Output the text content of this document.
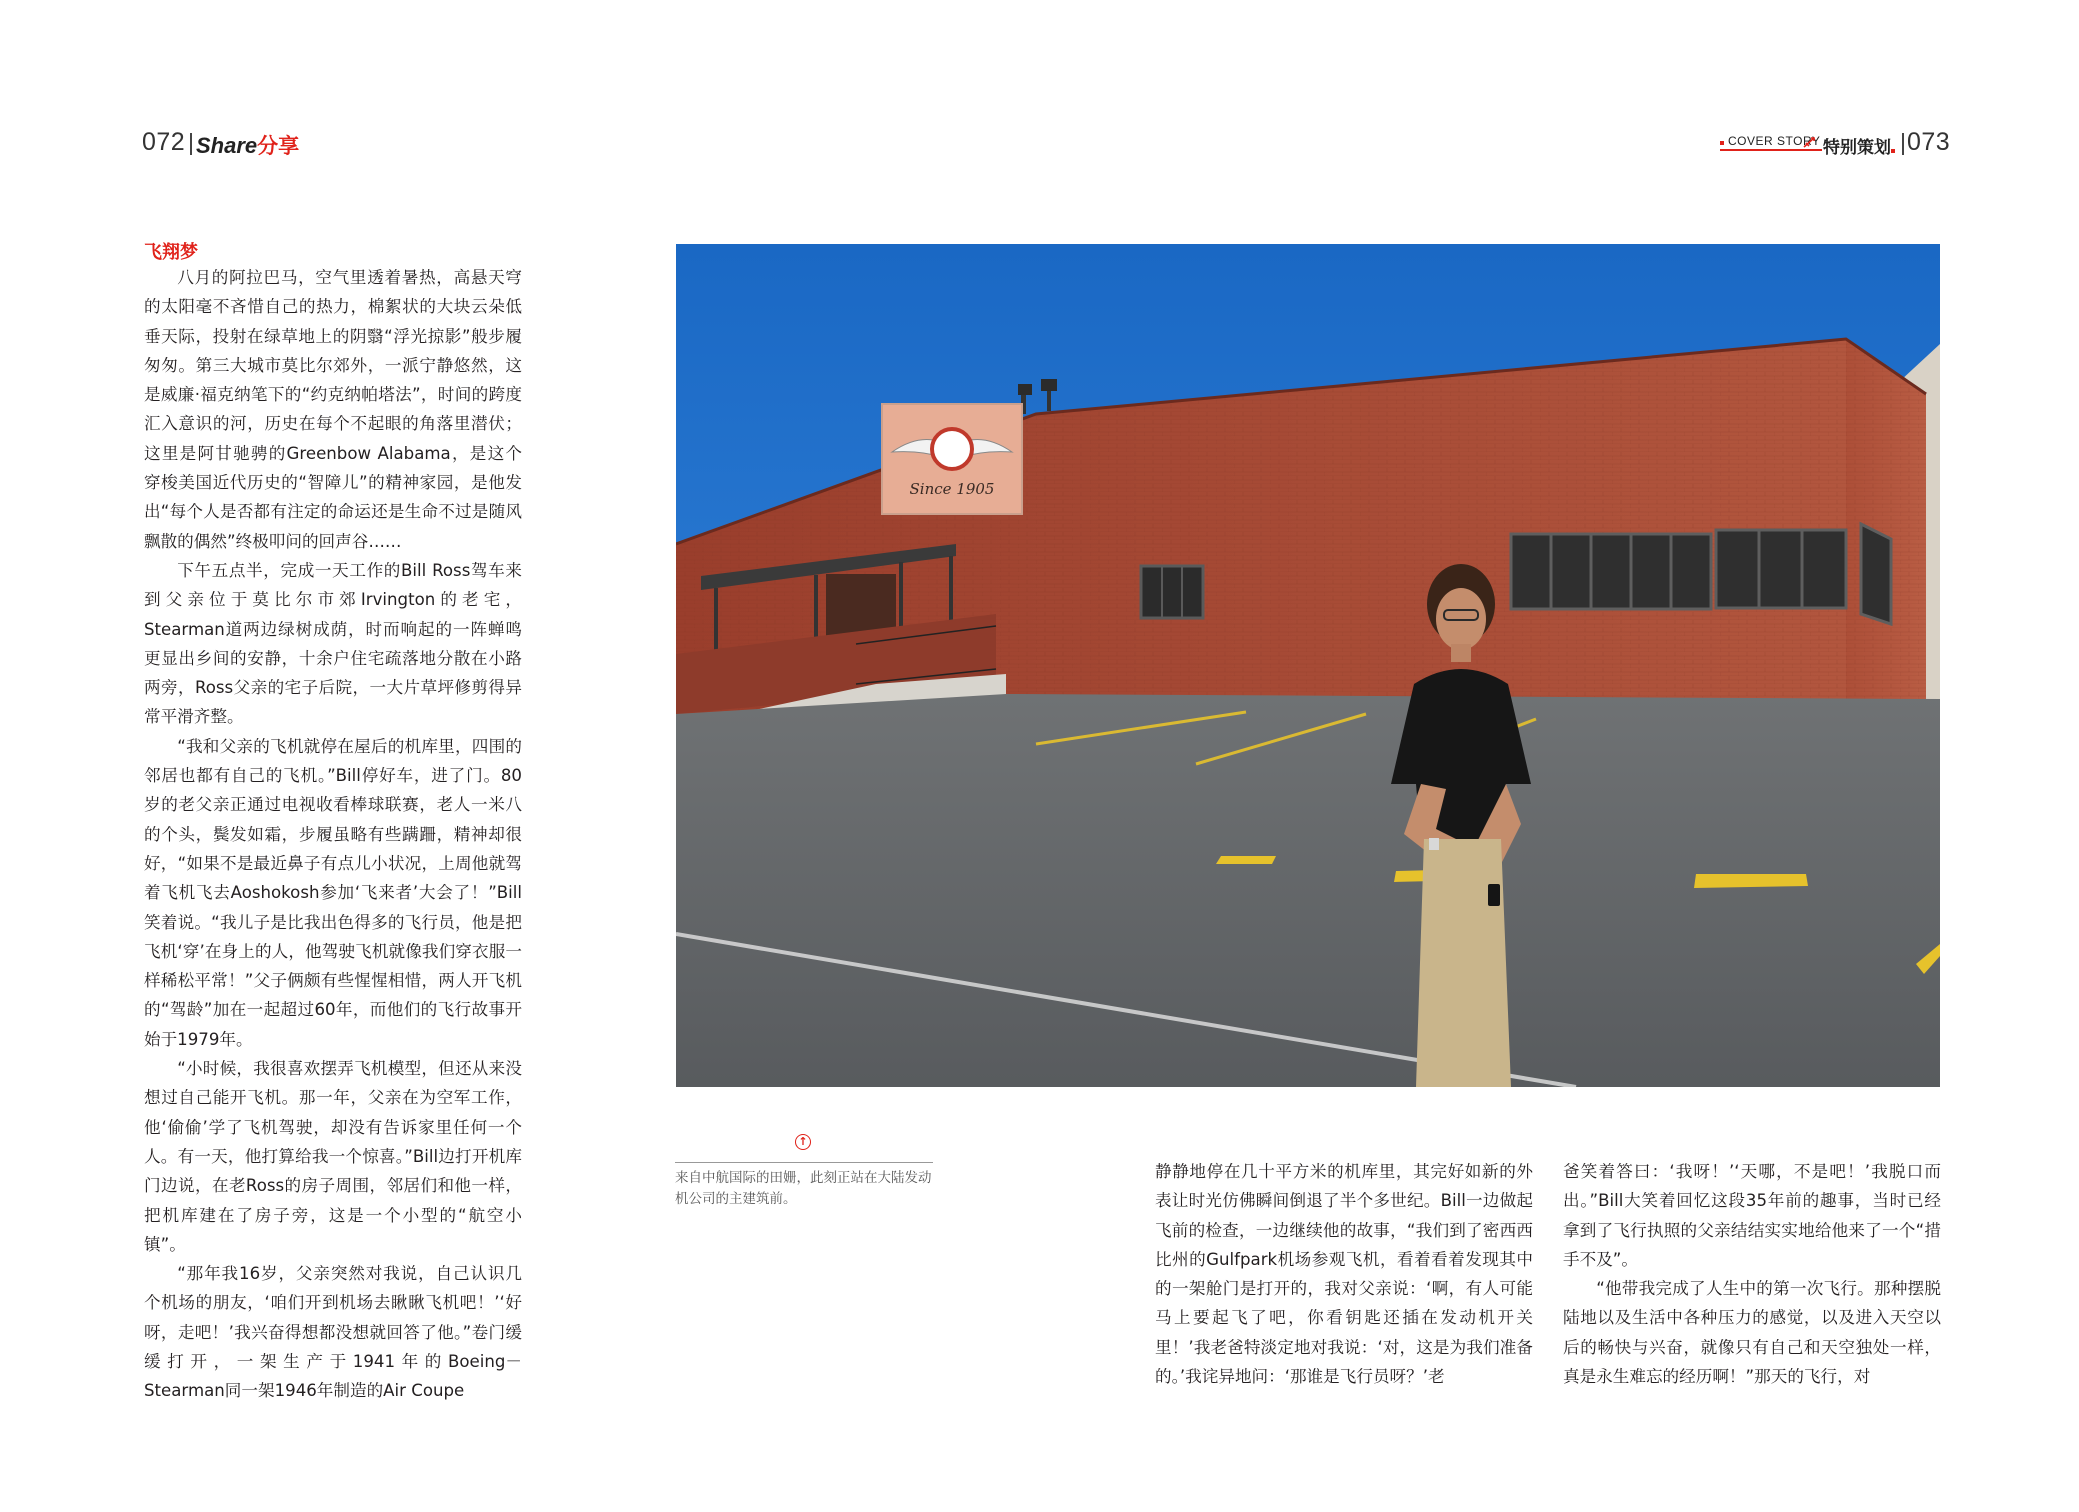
072 Share分享	COVER STORY 特别策划 073
飞翔梦

八月的阿拉巴马，空气里透着暑热，高悬天穹的太阳毫不吝惜自己的热力，棉絮状的大块云朵低垂天际，投射在绿草地上的阴翳“浮光掠影”般步履匆匆。第三大城市莫比尔郊外，一派宁静悠然，这是威廉·福克纳笔下的“约克纳帕塔法”，时间的跨度汇入意识的河，历史在每个不起眼的角落里潜伏；这里是阿甘驰骋的Greenbow Alabama，是这个穿梭美国近代历史的“智障儿”的精神家园，是他发出“每个人是否都有注定的命运还是生命不过是随风飘散的偶然”终极叩问的回声谷……

下午五点半，完成一天工作的Bill Ross驾车来到父亲位于莫比尔市郊Irvington的老宅，Stearman道两边绿树成荫，时而响起的一阵蝉鸣更显出乡间的安静，十余户住宅疏落地分散在小路两旁，Ross父亲的宅子后院，一大片草坪修剪得异常平滑齐整。

“我和父亲的飞机就停在屋后的机库里，四围的邻居也都有自己的飞机。”Bill停好车，进了门。80岁的老父亲正通过电视收看棒球联赛，老人一米八的个头，鬓发如霜，步履虽略有些蹒跚，精神却很好，“如果不是最近鼻子有点儿小状况，上周他就驾着飞机飞去Aoshokosh参加‘飞来者’大会了！”Bill笑着说。“我儿子是比我出色得多的飞行员，他是把飞机‘穿’在身上的人，他驾驶飞机就像我们穿衣服一样稀松平常！”父子俩颇有些惺惺相惜，两人开飞机的“驾龄”加在一起超过60年，而他们的飞行故事开始于1979年。

“小时候，我很喜欢摆弄飞机模型，但还从来没想过自己能开飞机。那一年，父亲在为空军工作，他‘偷偷’学了飞机驾驶，却没有告诉家里任何一个人。有一天，他打算给我一个惊喜。”Bill边打开机库门边说，在老Ross的房子周围，邻居们和他一样，把机库建在了房子旁，这是一个小型的“航空小镇”。

“那年我16岁，父亲突然对我说，自己认识几个机场的朋友，‘咱们开到机场去瞅瞅飞机吧！’‘好呀，走吧！’我兴奋得想都没想就回答了他。”卷门缓缓打开，一架生产于1941年的Boeing－Stearman同一架1946年制造的Air Coupe

Since 1905
↑
来自中航国际的田姗，此刻正站在大陆发动机公司的主建筑前。

静静地停在几十平方米的机库里，其完好如新的外表让时光仿佛瞬间倒退了半个多世纪。Bill一边做起飞前的检查，一边继续他的故事，“我们到了密西西比州的Gulfpark机场参观飞机，看着看着发现其中的一架舱门是打开的，我对父亲说：‘啊，有人可能马上要起飞了吧，你看钥匙还插在发动机开关里！’我老爸特淡定地对我说：‘对，这是为我们准备的。’我诧异地问：‘那谁是飞行员呀？’老

爸笑着答曰：‘我呀！’‘天哪，不是吧！’我脱口而出。”Bill大笑着回忆这段35年前的趣事，当时已经拿到了飞行执照的父亲结结实实地给他来了一个“措手不及”。

“他带我完成了人生中的第一次飞行。那种摆脱陆地以及生活中各种压力的感觉，以及进入天空以后的畅快与兴奋，就像只有自己和天空独处一样，真是永生难忘的经历啊！”那天的飞行，对
